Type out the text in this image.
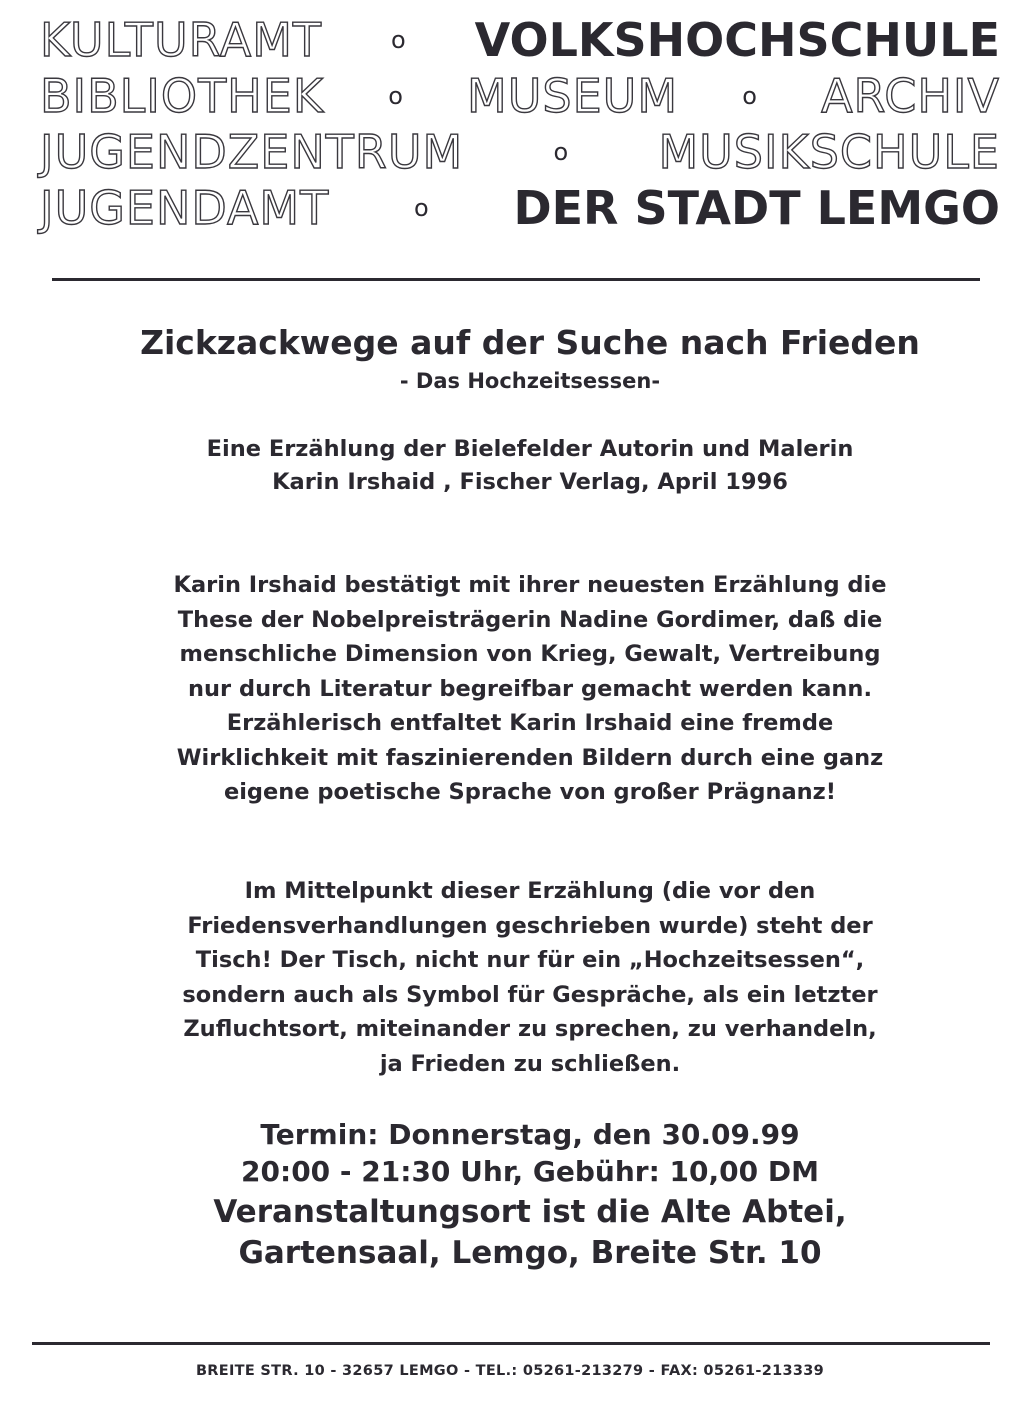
KULTURAMT	o VOLKSHOCHSCHULE
BIBLIOTHEK	o MUSEUM	o ARCHIV
JUGENDZENTRUM	o MUSIKSCHULE
JUGENDAMT	o DER STADT LEMGO
Zickzackwege auf der Suche nach Frieden
- Das Hochzeitsessen-
Eine Erzählung der Bielefelder Autorin und Malerin
Karin Irshaid , Fischer Verlag, April 1996
Karin Irshaid bestätigt mit ihrer neuesten Erzählung die
These der Nobelpreisträgerin Nadine Gordimer, daß die
menschliche Dimension von Krieg, Gewalt, Vertreibung
nur durch Literatur begreifbar gemacht werden kann.
Erzählerisch entfaltet Karin Irshaid eine fremde
Wirklichkeit mit faszinierenden Bildern durch eine ganz
eigene poetische Sprache von großer Prägnanz!
Im Mittelpunkt dieser Erzählung (die vor den
Friedensverhandlungen geschrieben wurde) steht der
Tisch! Der Tisch, nicht nur für ein „Hochzeitsessen“,
sondern auch als Symbol für Gespräche, als ein letzter
Zufluchtsort, miteinander zu sprechen, zu verhandeln,
ja Frieden zu schließen.
Termin: Donnerstag, den 30.09.99
20:00 - 21:30 Uhr, Gebühr: 10,00 DM
Veranstaltungsort ist die Alte Abtei,
Gartensaal, Lemgo, Breite Str. 10
BREITE STR. 10 - 32657 LEMGO - TEL.: 05261-213279 - FAX: 05261-213339
